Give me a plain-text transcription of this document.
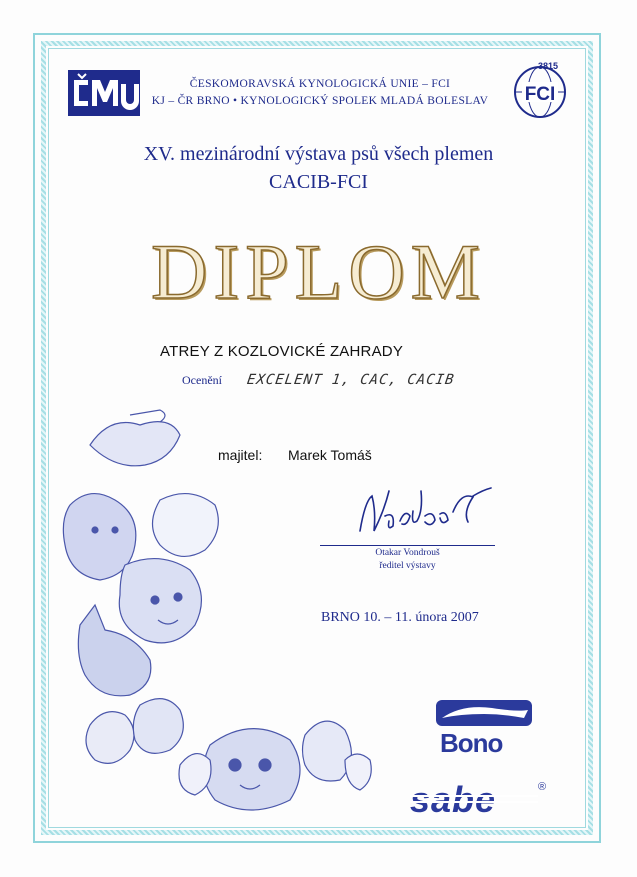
ČESKOMORAVSKÁ KYNOLOGICKÁ UNIE – FCI
KJ – ČR BRNO • KYNOLOGICKÝ SPOLEK MLADÁ BOLESLAV FCI
3815
XV. mezinárodní výstava psů všech plemen
CACIB-FCI
DIPLOM
ATREY Z KOZLOVICKÉ ZAHRADY
Ocenění EXCELENT 1, CAC, CACIB
majitel: Marek Tomáš
Otakar Vondrouš
ředitel výstavy
BRNO 10. – 11. února 2007
Bono
sabe	®
